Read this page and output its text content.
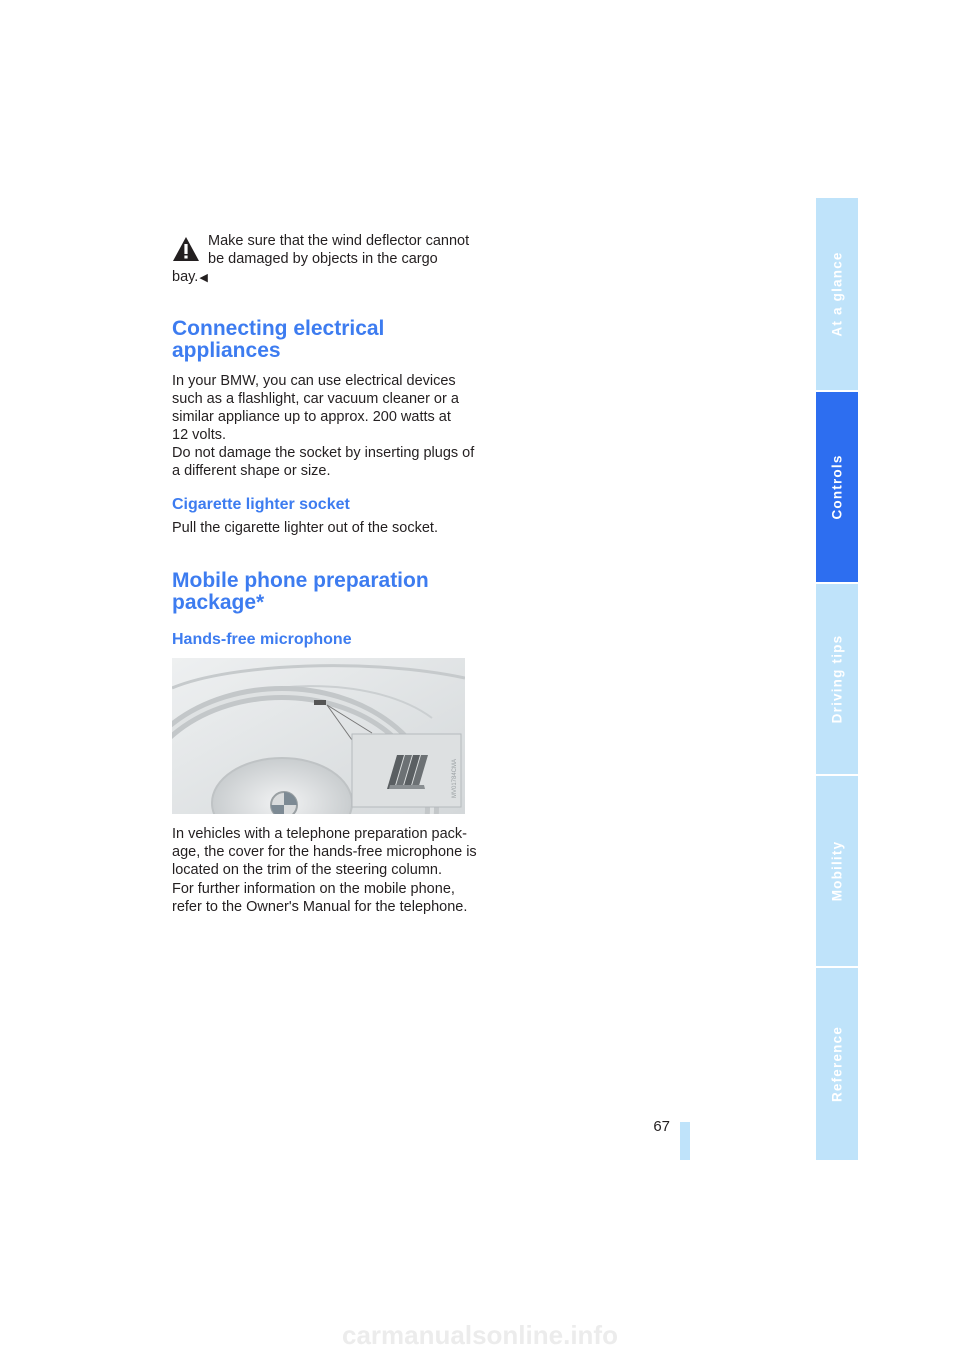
Make sure that the wind deflector cannot
be damaged by objects in the cargo
bay.◀
Connecting electrical
appliances
In your BMW, you can use electrical devices
such as a flashlight, car vacuum cleaner or a
similar appliance up to approx. 200 watts at
12 volts.
Do not damage the socket by inserting plugs of
a different shape or size.
Cigarette lighter socket

Pull the cigarette lighter out of the socket.

Mobile phone preparation
package*
Hands-free microphone
MV01784CMA
In vehicles with a telephone preparation pack-
age, the cover for the hands-free microphone is
located on the trim of the steering column.
For further information on the mobile phone,
refer to the Owner's Manual for the telephone.
At a glance
Controls
Driving tips
Mobility
Reference
67
carmanualsonline.info
